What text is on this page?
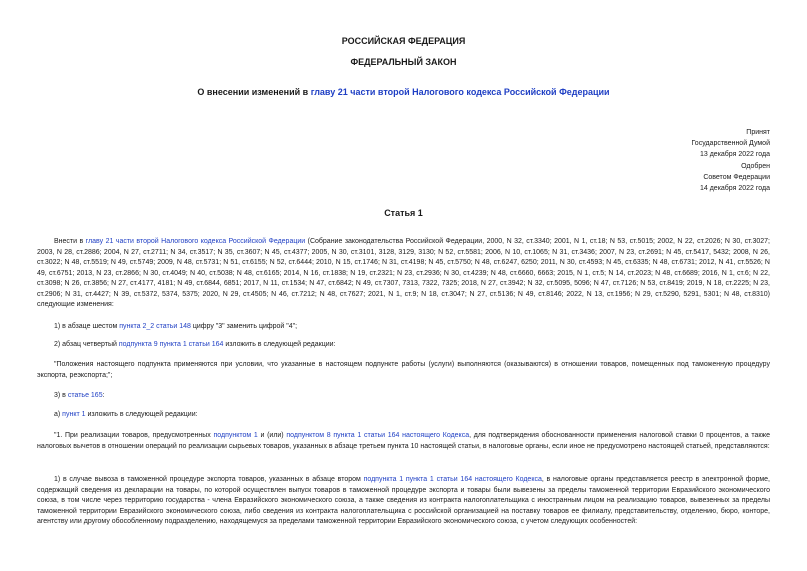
РОССИЙСКАЯ ФЕДЕРАЦИЯ
ФЕДЕРАЛЬНЫЙ ЗАКОН
О внесении изменений в главу 21 части второй Налогового кодекса Российской Федерации
Принят
Государственной Думой
13 декабря 2022 года
Одобрен
Советом Федерации
14 декабря 2022 года
Статья 1

Внести в главу 21 части второй Налогового кодекса Российской Федерации (Собрание законодательства Российской Федерации, 2000, N 32, ст.3340; 2001, N 1, ст.18; N 53, ст.5015; 2002, N 22, ст.2026; N 30, ст.3027; 2003, N 28, ст.2886; 2004, N 27, ст.2711; N 34, ст.3517; N 35, ст.3607; N 45, ст.4377; 2005, N 30, ст.3101, 3128, 3129, 3130; N 52, ст.5581; 2006, N 10, ст.1065; N 31, ст.3436; 2007, N 23, ст.2691; N 45, ст.5417, 5432; 2008, N 26, ст.3022; N 48, ст.5519; N 49, ст.5749; 2009, N 48, ст.5731; N 51, ст.6155; N 52, ст.6444; 2010, N 15, ст.1746; N 31, ст.4198; N 45, ст.5750; N 48, ст.6247, 6250; 2011, N 30, ст.4593; N 45, ст.6335; N 48, ст.6731; 2012, N 41, ст.5526; N 49, ст.6751; 2013, N 23, ст.2866; N 30, ст.4049; N 40, ст.5038; N 48, ст.6165; 2014, N 16, ст.1838; N 19, ст.2321; N 23, ст.2936; N 30, ст.4239; N 48, ст.6660, 6663; 2015, N 1, ст.5; N 14, ст.2023; N 48, ст.6689; 2016, N 1, ст.6; N 22, ст.3098; N 26, ст.3856; N 27, ст.4177, 4181; N 49, ст.6844, 6851; 2017, N 11, ст.1534; N 47, ст.6842; N 49, ст.7307, 7313, 7322, 7325; 2018, N 27, ст.3942; N 32, ст.5095, 5096; N 47, ст.7126; N 53, ст.8419; 2019, N 18, ст.2225; N 23, ст.2906; N 31, ст.4427; N 39, ст.5372, 5374, 5375; 2020, N 29, ст.4505; N 46, ст.7212; N 48, ст.7627; 2021, N 1, ст.9; N 18, ст.3047; N 27, ст.5136; N 49, ст.8146; 2022, N 13, ст.1956; N 29, ст.5290, 5291, 5301; N 48, ст.8310) следующие изменения:

1) в абзаце шестом пункта 2_2 статьи 148 цифру "3" заменить цифрой "4";

2) абзац четвертый подпункта 9 пункта 1 статьи 164 изложить в следующей редакции:

"Положения настоящего подпункта применяются при условии, что указанные в настоящем подпункте работы (услуги) выполняются (оказываются) в отношении товаров, помещенных под таможенную процедуру экспорта, реэкспорта;";

3) в статье 165:

а) пункт 1 изложить в следующей редакции:

"1. При реализации товаров, предусмотренных подпунктом 1 и (или) подпунктом 8 пункта 1 статьи 164 настоящего Кодекса, для подтверждения обоснованности применения налоговой ставки 0 процентов, а также налоговых вычетов в отношении операций по реализации сырьевых товаров, указанных в абзаце третьем пункта 10 настоящей статьи, в налоговые органы, если иное не предусмотрено настоящей статьей, представляются:

1) в случае вывоза в таможенной процедуре экспорта товаров, указанных в абзаце втором подпункта 1 пункта 1 статьи 164 настоящего Кодекса, в налоговые органы представляется реестр в электронной форме, содержащий сведения из декларации на товары, по которой осуществлен выпуск товаров в таможенной процедуре экспорта и товары были вывезены за пределы таможенной территории Евразийского экономического союза, в том числе через территорию государства - члена Евразийского экономического союза, а также сведения из контракта налогоплательщика с иностранным лицом на реализацию товаров, вывезенных за пределы таможенной территории Евразийского экономического союза, либо сведения из контракта налогоплательщика с российской организацией на поставку товаров ее филиалу, представительству, отделению, бюро, конторе, агентству или другому обособленному подразделению, находящемуся за пределами таможенной территории Евразийского экономического союза, с учетом следующих особенностей:
